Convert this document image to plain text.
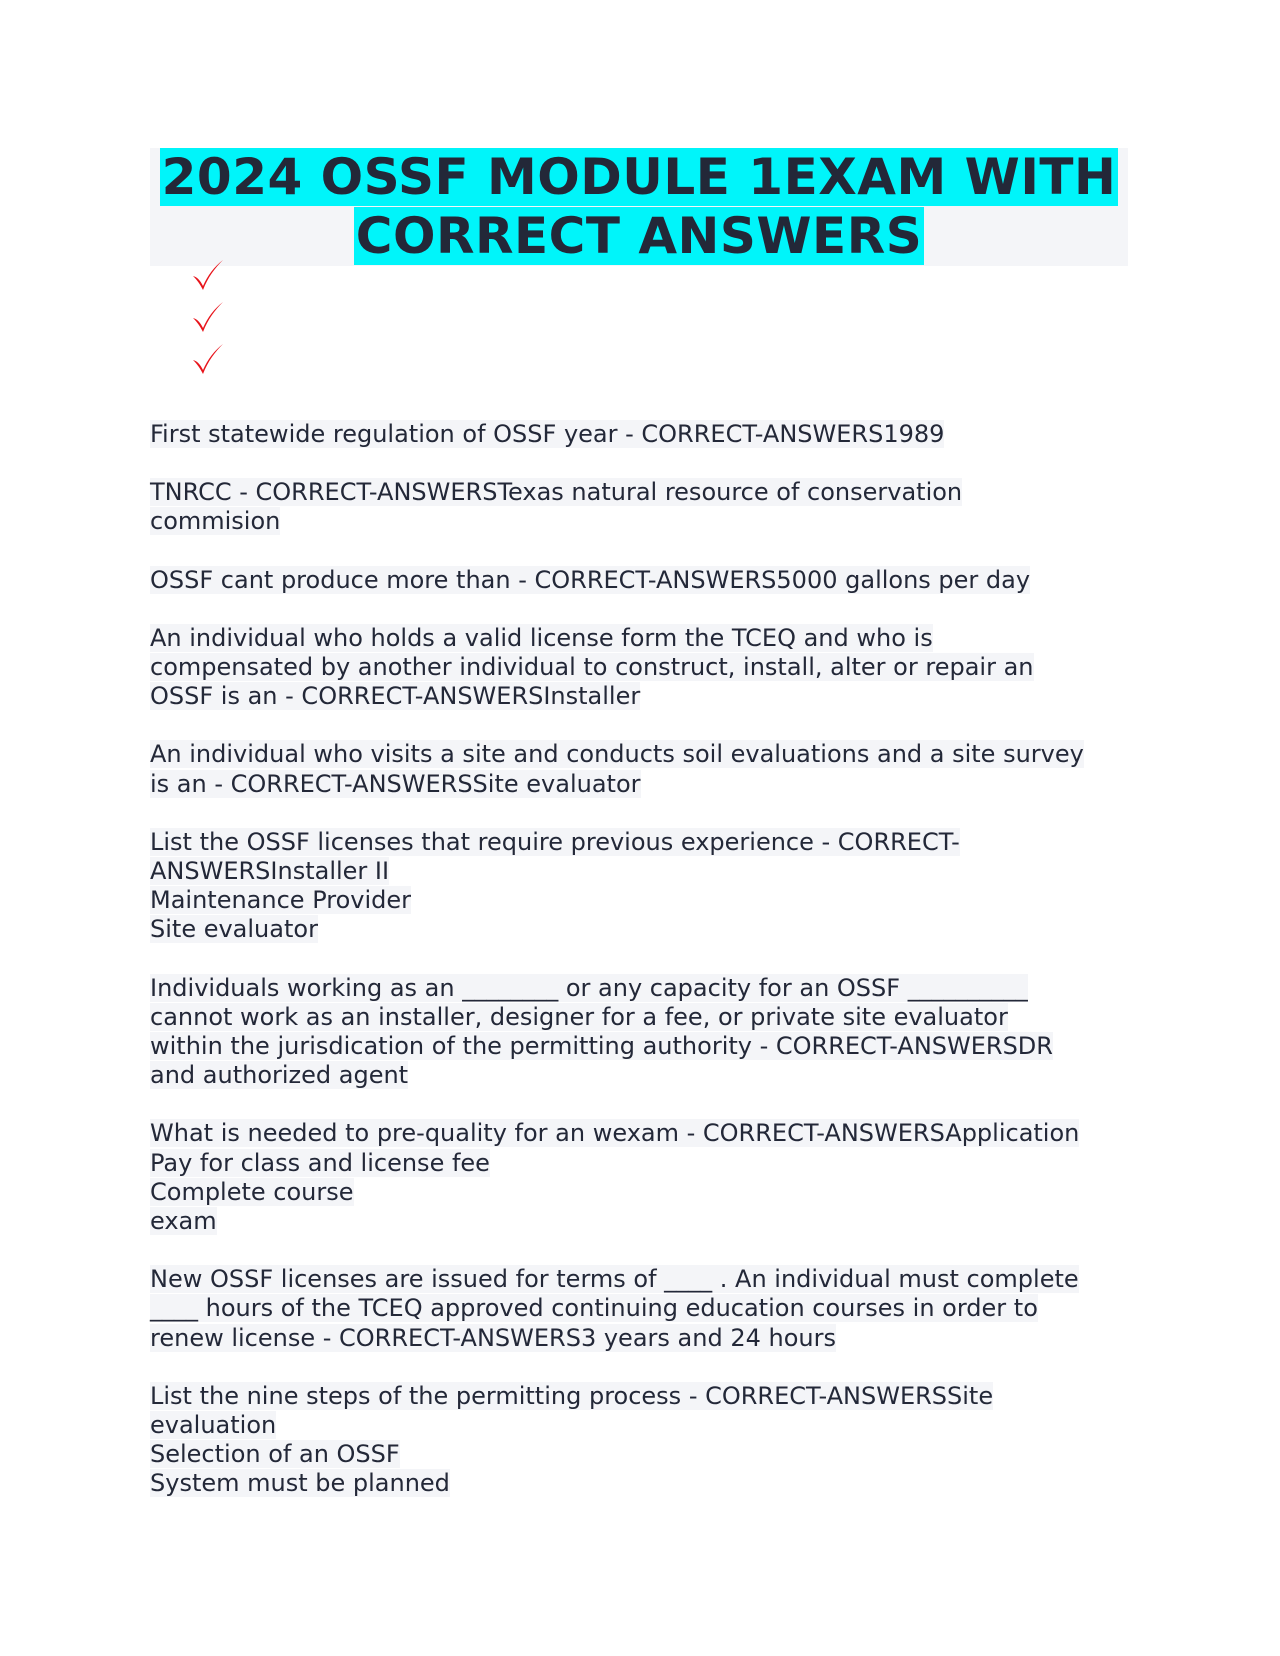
2024 OSSF MODULE 1EXAM WITH
CORRECT ANSWERS
First statewide regulation of OSSF year - CORRECT-ANSWERS1989
TNRCC - CORRECT-ANSWERSTexas natural resource of conservation
commision
OSSF cant produce more than - CORRECT-ANSWERS5000 gallons per day
An individual who holds a valid license form the TCEQ and who is
compensated by another individual to construct, install, alter or repair an
OSSF is an - CORRECT-ANSWERSInstaller
An individual who visits a site and conducts soil evaluations and a site survey
is an - CORRECT-ANSWERSSite evaluator
List the OSSF licenses that require previous experience - CORRECT-
ANSWERSInstaller II
Maintenance Provider
Site evaluator
Individuals working as an ________ or any capacity for an OSSF __________
cannot work as an installer, designer for a fee, or private site evaluator
within the jurisdication of the permitting authority - CORRECT-ANSWERSDR
and authorized agent
What is needed to pre-quality for an wexam - CORRECT-ANSWERSApplication
Pay for class and license fee
Complete course
exam
New OSSF licenses are issued for terms of ____ . An individual must complete
____ hours of the TCEQ approved continuing education courses in order to
renew license - CORRECT-ANSWERS3 years and 24 hours
List the nine steps of the permitting process - CORRECT-ANSWERSSite
evaluation
Selection of an OSSF
System must be planned
